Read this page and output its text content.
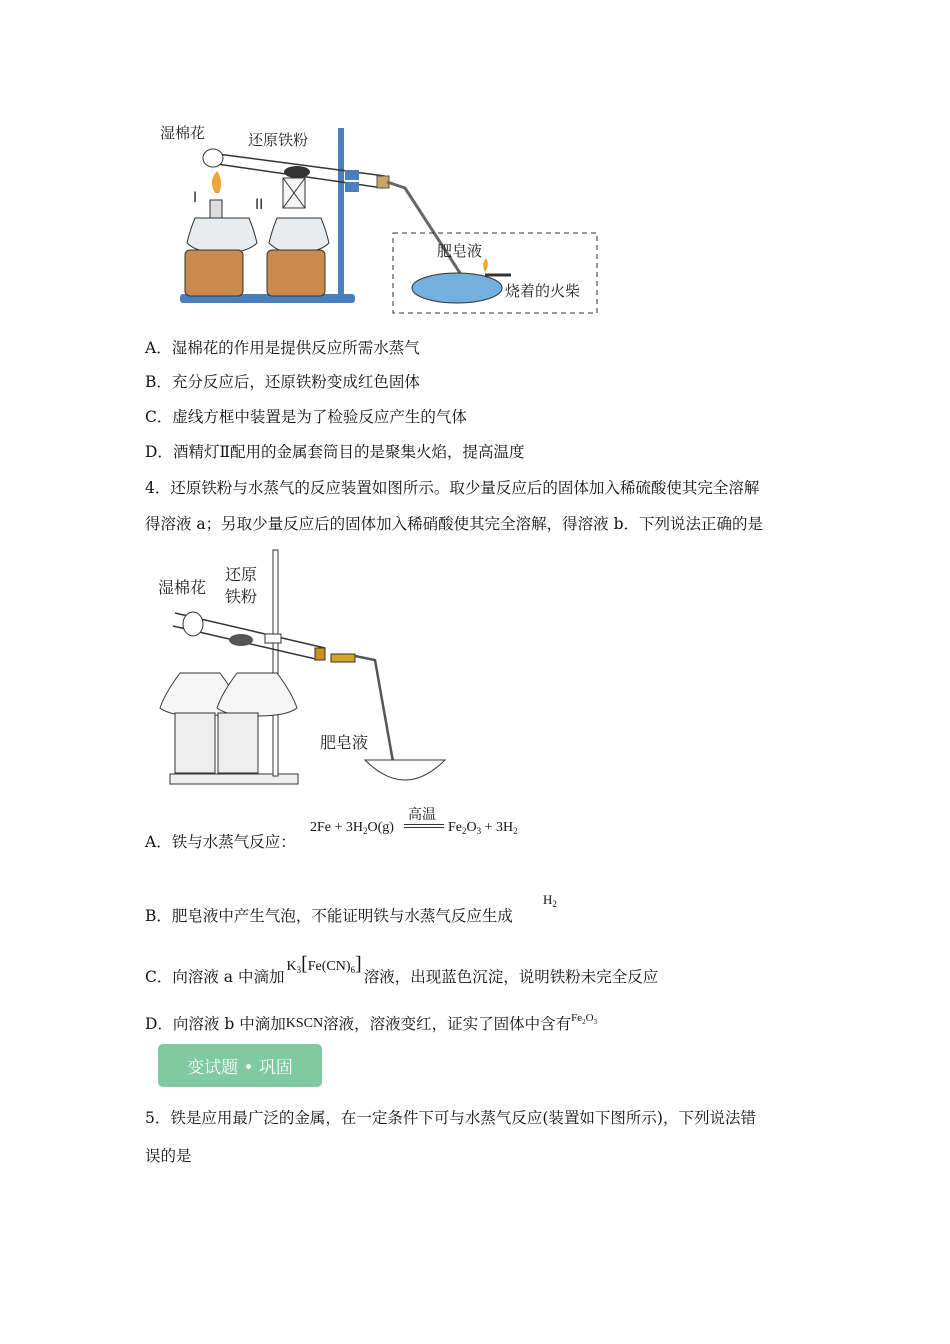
湿棉花	还原铁粉
肥皂液
烧着的火柴
I	II
A．湿棉花的作用是提供反应所需水蒸气
B．充分反应后，还原铁粉变成红色固体
C．虚线方框中装置是为了检验反应产生的气体
D．酒精灯Ⅱ配用的金属套筒目的是聚集火焰，提高温度
4．还原铁粉与水蒸气的反应装置如图所示。取少量反应后的固体加入稀硫酸使其完全溶解
得溶液 a；另取少量反应后的固体加入稀硝酸使其完全溶解，得溶液 b．下列说法正确的是
湿棉花
还原
铁粉
肥皂液
A．铁与水蒸气反应：
高温
$2Fe + 3H_2O(g)$	$Fe_2O_3 + 3H_2$
B．肥皂液中产生气泡，不能证明铁与水蒸气反应生成
$H_2$
C．向溶液 a 中滴加$K_3[Fe(CN)_6]$溶液，出现蓝色沉淀，说明铁粉未完全反应
D．向溶液 b 中滴加KSCN溶液，溶液变红，证实了固体中含有$^{Fe_2O_3}$
变试题 • 巩固
5．铁是应用最广泛的金属，在一定条件下可与水蒸气反应(装置如下图所示)，下列说法错
误的是
